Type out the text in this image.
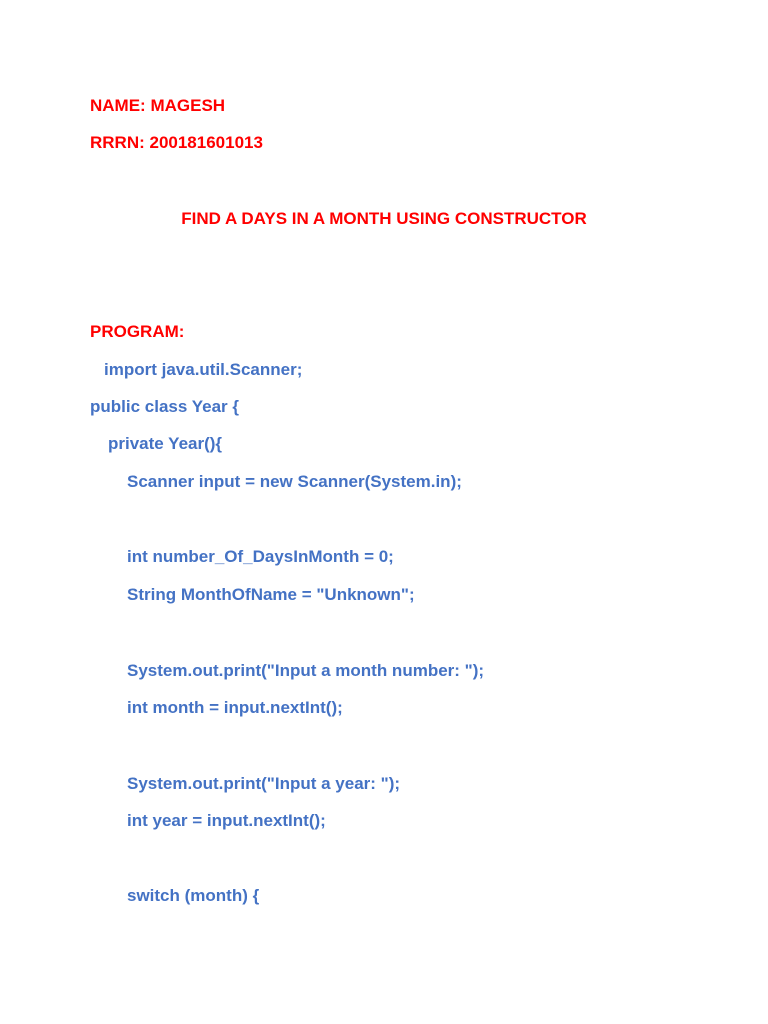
NAME: MAGESH
RRRN: 200181601013
FIND A DAYS IN A MONTH USING CONSTRUCTOR
PROGRAM:
import java.util.Scanner;
public class Year {
private Year(){
Scanner input = new Scanner(System.in);
int number_Of_DaysInMonth = 0;
String MonthOfName = "Unknown";
System.out.print("Input a month number: ");
int month = input.nextInt();
System.out.print("Input a year: ");
int year = input.nextInt();
switch (month) {
